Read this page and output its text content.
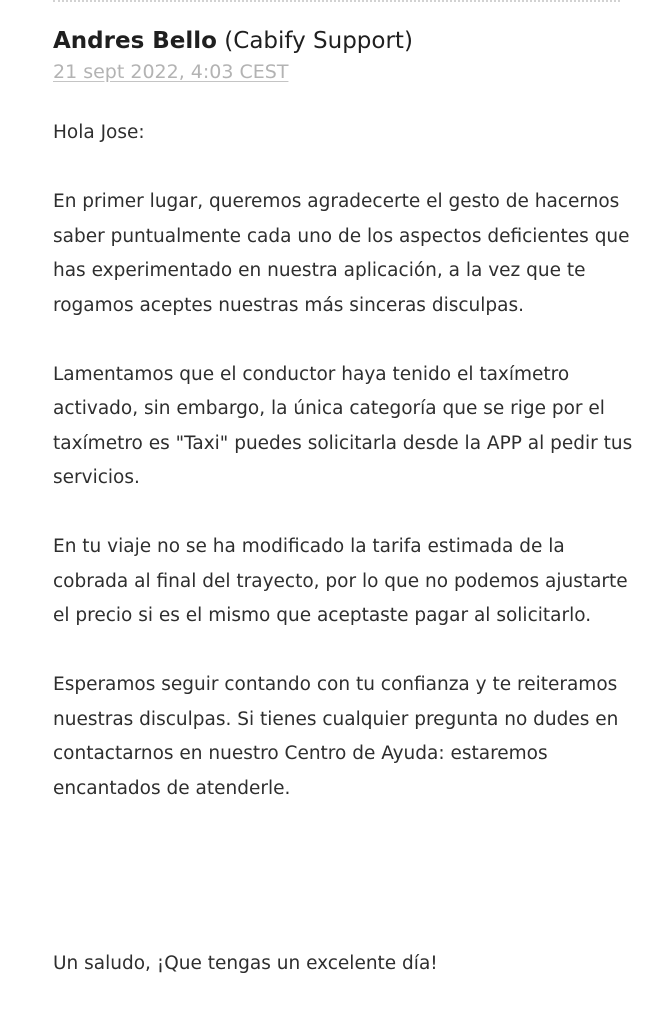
Andres Bello (Cabify Support)
21 sept 2022, 4:03 CEST

Hola Jose:

En primer lugar, queremos agradecerte el gesto de hacernos saber puntualmente cada uno de los aspectos deficientes que has experimentado en nuestra aplicación, a la vez que te rogamos aceptes nuestras más sinceras disculpas.

Lamentamos que el conductor haya tenido el taxímetro activado, sin embargo, la única categoría que se rige por el taxímetro es "Taxi" puedes solicitarla desde la APP al pedir tus servicios.

En tu viaje no se ha modificado la tarifa estimada de la cobrada al final del trayecto, por lo que no podemos ajustarte el precio si es el mismo que aceptaste pagar al solicitarlo.

Esperamos seguir contando con tu confianza y te reiteramos nuestras disculpas. Si tienes cualquier pregunta no dudes en contactarnos en nuestro Centro de Ayuda: estaremos encantados de atenderle.

Un saludo, ¡Que tengas un excelente día!
